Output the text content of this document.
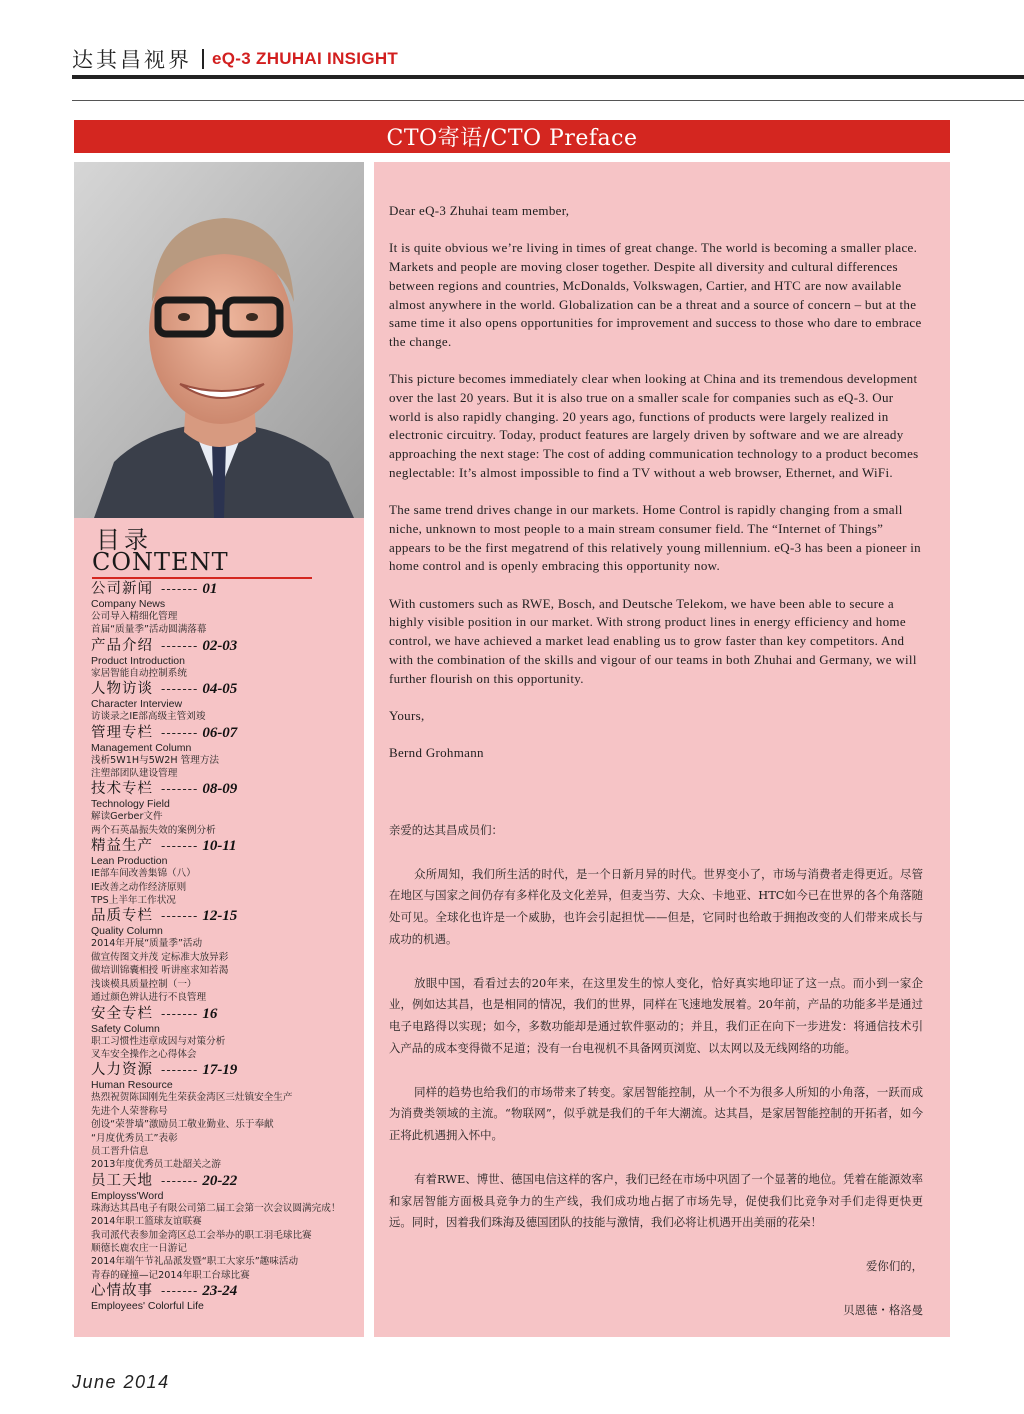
达其昌视界 eQ-3 ZHUHAI INSIGHT
CTO寄语/CTO Preface
目录
CONTENT
公司新闻 ------- 01
Company News
公司导入精细化管理
首届“质量季”活动圆满落幕
产品介绍 ------- 02-03
Product Introduction
家居智能自动控制系统
人物访谈 ------- 04-05
Character Interview
访谈录之IE部高级主管刘竣
管理专栏 ------- 06-07
Management Column
浅析5W1H与5W2H 管理方法
注塑部团队建设管理
技术专栏 ------- 08-09
Technology Field
解读Gerber文件
两个石英晶振失效的案例分析
精益生产 ------- 10-11
Lean Production
IE部车间改善集锦（八）
IE改善之动作经济原则
TPS上半年工作状况
品质专栏 ------- 12-15
Quality Column
2014年开展“质量季”活动
做宣传图文并茂 定标准大放异彩
做培训锦囊相授 听讲座求知若渴
浅谈模具质量控制（一）
通过颜色辨认进行不良管理
安全专栏 ------- 16
Safety Column
职工习惯性违章成因与对策分析
叉车安全操作之心得体会
人力资源 ------- 17-19
Human Resource
热烈祝贺陈国刚先生荣获金湾区三灶镇安全生产
先进个人荣誉称号
创设“荣誉墙”激励员工敬业勤业、乐于奉献
“月度优秀员工”表彰
员工晋升信息
2013年度优秀员工赴韶关之游
员工天地 ------- 20-22
Employss'Word
珠海达其昌电子有限公司第二届工会第一次会议圆满完成！
2014年职工篮球友谊联赛
我司派代表参加金湾区总工会举办的职工羽毛球比赛
顺德长鹿农庄一日游记
2014年端午节礼品派发暨“职工大家乐”趣味活动
青春的碰撞—记2014年职工台球比赛
心情故事 ------- 23-24
Employees' Colorful Life

Dear eQ-3 Zhuhai team member,

It is quite obvious we’re living in times of great change. The world is becoming a smaller place. Markets and people are moving closer together. Despite all diversity and cultural differences between regions and countries, McDonalds, Volkswagen, Cartier, and HTC are now available almost anywhere in the world. Globalization can be a threat and a source of concern – but at the same time it also opens opportunities for improvement and success to those who dare to embrace the change.

This picture becomes immediately clear when looking at China and its tremendous development over the last 20 years. But it is also true on a smaller scale for companies such as eQ-3. Our world is also rapidly changing. 20 years ago, functions of products were largely realized in electronic circuitry. Today, product features are largely driven by software and we are already approaching the next stage: The cost of adding communication technology to a product becomes neglectable: It’s almost impossible to find a TV without a web browser, Ethernet, and WiFi.

The same trend drives change in our markets. Home Control is rapidly changing from a small niche, unknown to most people to a main stream consumer field. The “Internet of Things” appears to be the first megatrend of this relatively young millennium. eQ-3 has been a pioneer in home control and is openly embracing this opportunity now.

With customers such as RWE, Bosch, and Deutsche Telekom, we have been able to secure a highly visible position in our market. With strong product lines in energy efficiency and home control, we have achieved a market lead enabling us to grow faster than key competitors. And with the combination of the skills and vigour of our teams in both Zhuhai and Germany, we will further flourish on this opportunity.

Yours,

Bernd Grohmann

亲爱的达其昌成员们：

众所周知，我们所生活的时代，是一个日新月异的时代。世界变小了，市场与消费者走得更近。尽管在地区与国家之间仍存有多样化及文化差异，但麦当劳、大众、卡地亚、HTC如今已在世界的各个角落随处可见。全球化也许是一个威胁，也许会引起担忧——但是，它同时也给敢于拥抱改变的人们带来成长与成功的机遇。

放眼中国，看看过去的20年来，在这里发生的惊人变化，恰好真实地印证了这一点。而小到一家企业，例如达其昌，也是相同的情况，我们的世界，同样在飞速地发展着。20年前，产品的功能多半是通过电子电路得以实现；如今，多数功能却是通过软件驱动的；并且，我们正在向下一步进发：将通信技术引入产品的成本变得微不足道；没有一台电视机不具备网页浏览、以太网以及无线网络的功能。

同样的趋势也给我们的市场带来了转变。家居智能控制，从一个不为很多人所知的小角落，一跃而成为消费类领域的主流。“物联网”，似乎就是我们的千年大潮流。达其昌，是家居智能控制的开拓者，如今正将此机遇拥入怀中。

有着RWE、博世、德国电信这样的客户，我们已经在市场中巩固了一个显著的地位。凭着在能源效率和家居智能方面极具竞争力的生产线，我们成功地占据了市场先导，促使我们比竞争对手们走得更快更远。同时，因着我们珠海及德国团队的技能与激情，我们必将让机遇开出美丽的花朵！

爱你们的，
贝恩德・格洛曼
June 2014
